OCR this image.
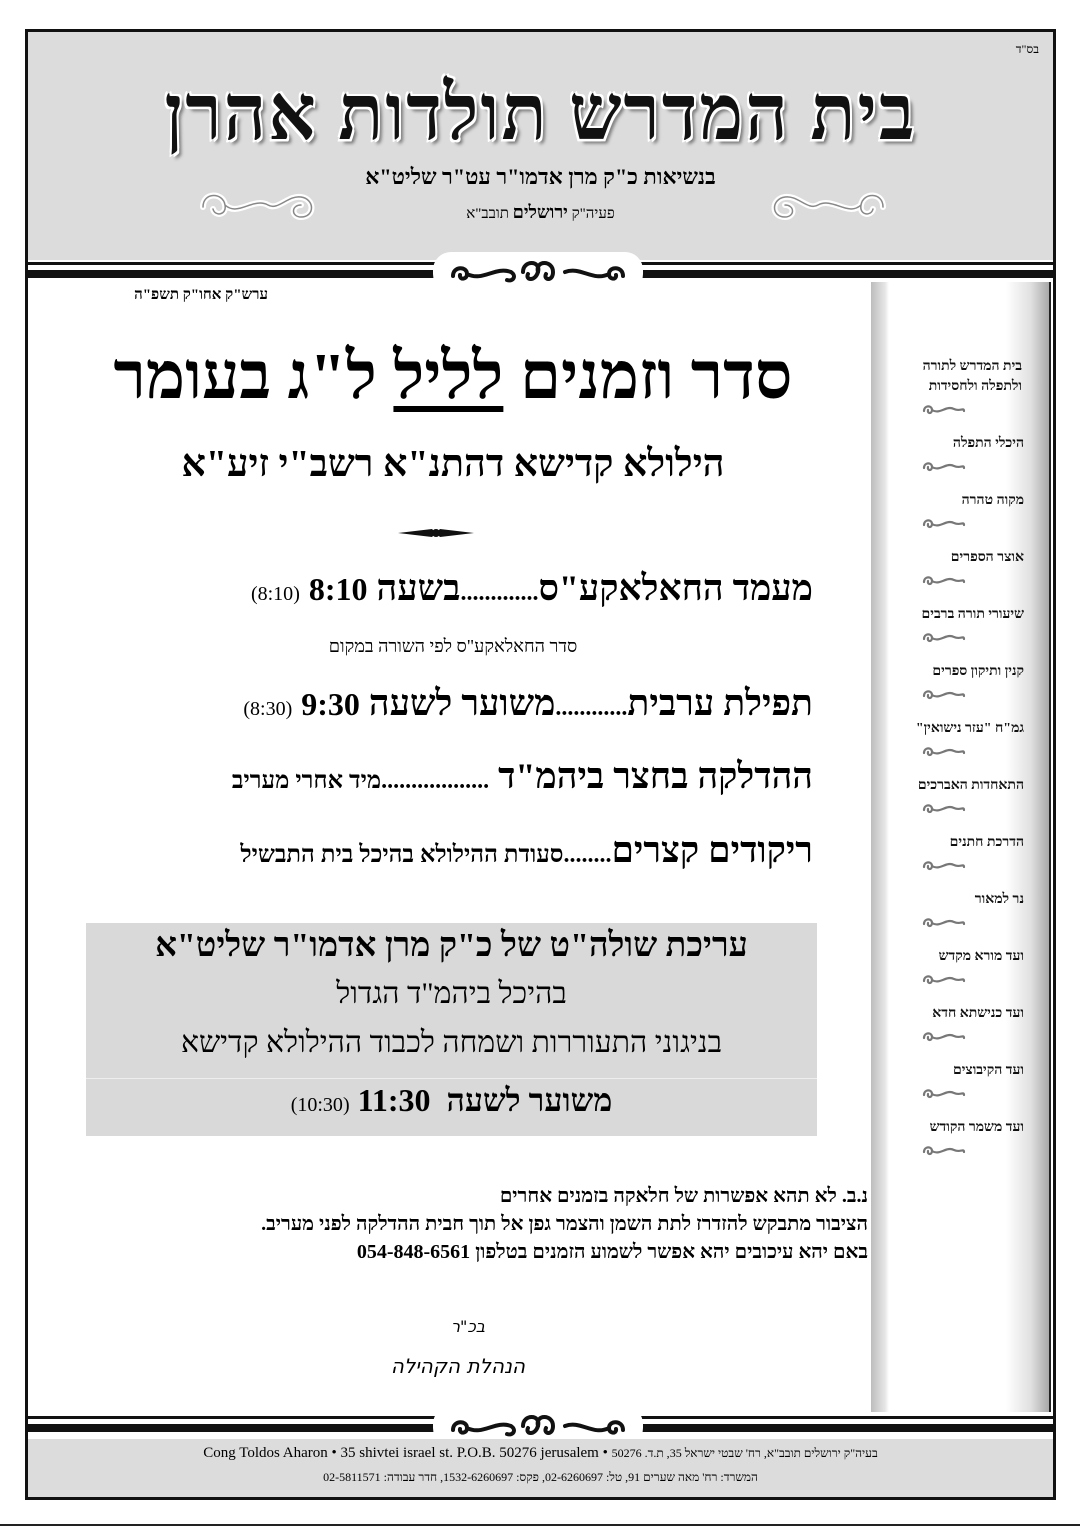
בס"ד
בית המדרש תולדות אהרן
בנשיאות כ"ק מרן אדמו"ר עט"ר שליט"א
פעיה"ק ירושלים תובב"א
ערש"ק אחו"ק תשפ"ה
סדר וזמנים לליל ל"ג בעומר
הילולא קדישא דהתנ"א רשב"י זיע"א
מעמד החאלאקע"ס.............בשעה 8:10 (8:10)
סדר החאלאקע"ס לפי השורה במקום
תפילת ערבית............משוער לשעה 9:30 (8:30)
ההדלקה בחצר ביהמ"ד ..................מיד אחרי מעריב
ריקודים קצרים........סעודת ההילולא בהיכל בית התבשיל
עריכת שולה"ט של כ"ק מרן אדמו"ר שליט"א
בהיכל ביהמ"ד הגדול
בניגוני התעוררות ושמחה לכבוד ההילולא קדישא
משוער לשעה  11:30 (10:30)
נ.ב. לא תהא אפשרות של חלאקה בזמנים אחרים
הציבור מתבקש להזדרז לתת השמן והצמר גפן אל תוך חבית ההדלקה לפני מעריב.
באם יהא עיכובים יהא אפשר לשמוע הזמנים בטלפון 054-848-6561
בכ"ר
הנהלת הקהילה
בית המדרש לתורה ולתפלה ולחסידות
היכלי התפלה
מקוה טהרה
אוצר הספרים
שיעורי תורה ברבים
קנין ותיקון ספרים
גמ"ח "עזר נישואין"
התאחדות האברכים
הדרכת חתנים
נר למאור
ועד מורא מקדש
ועד כנישתא חדא
ועד הקיבוצים
ועד משמר הקודש
Cong Toldos Aharon • 35 shivtei israel st. P.O.B. 50276 jerusalem • בעיה"ק ירושלים תובב"א, רח' שבטי ישראל 35, ת.ד. 50276
המשרד: רח' מאה שערים 91, טל: 02-6260697, פקס: 1532-6260697, חדר עבודה: 02-5811571
